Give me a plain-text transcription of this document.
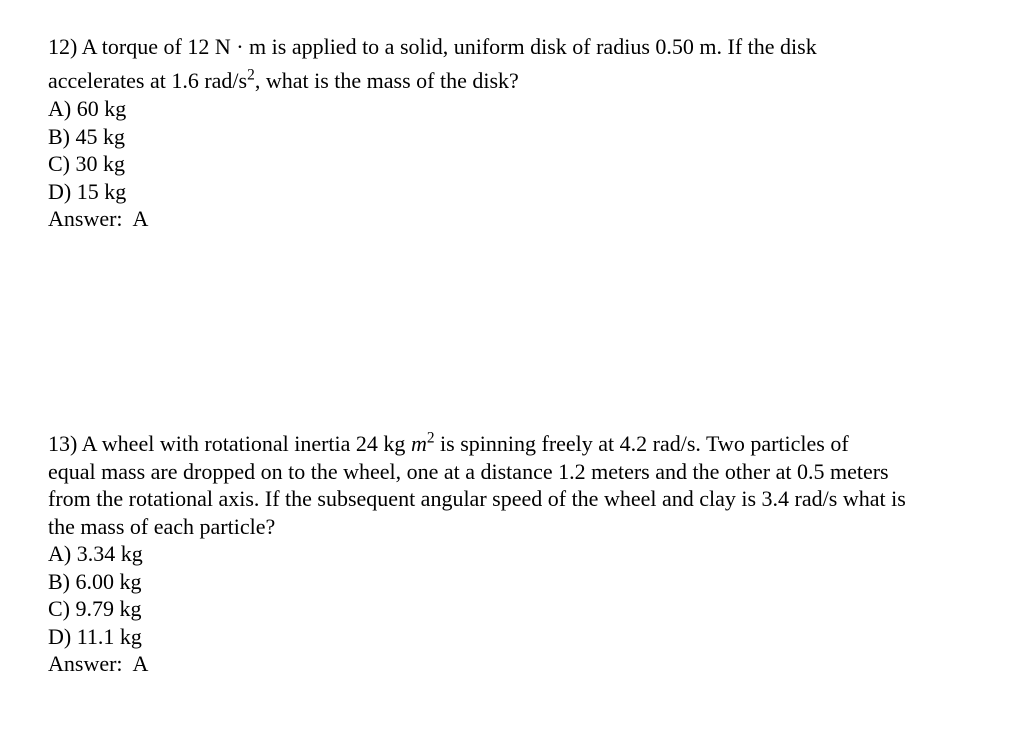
12) A torque of 12 N · m is applied to a solid, uniform disk of radius 0.50 m. If the disk
accelerates at 1.6 rad/$s^2$, what is the mass of the disk?
A) 60 kg
B) 45 kg
C) 30 kg
D) 15 kg
Answer: A
13) A wheel with rotational inertia 24 kg $m^2$ is spinning freely at 4.2 rad/s. Two particles of
equal mass are dropped on to the wheel, one at a distance 1.2 meters and the other at 0.5 meters
from the rotational axis. If the subsequent angular speed of the wheel and clay is 3.4 rad/s what is
the mass of each particle?
A) 3.34 kg
B) 6.00 kg
C) 9.79 kg
D) 11.1 kg
Answer: A
